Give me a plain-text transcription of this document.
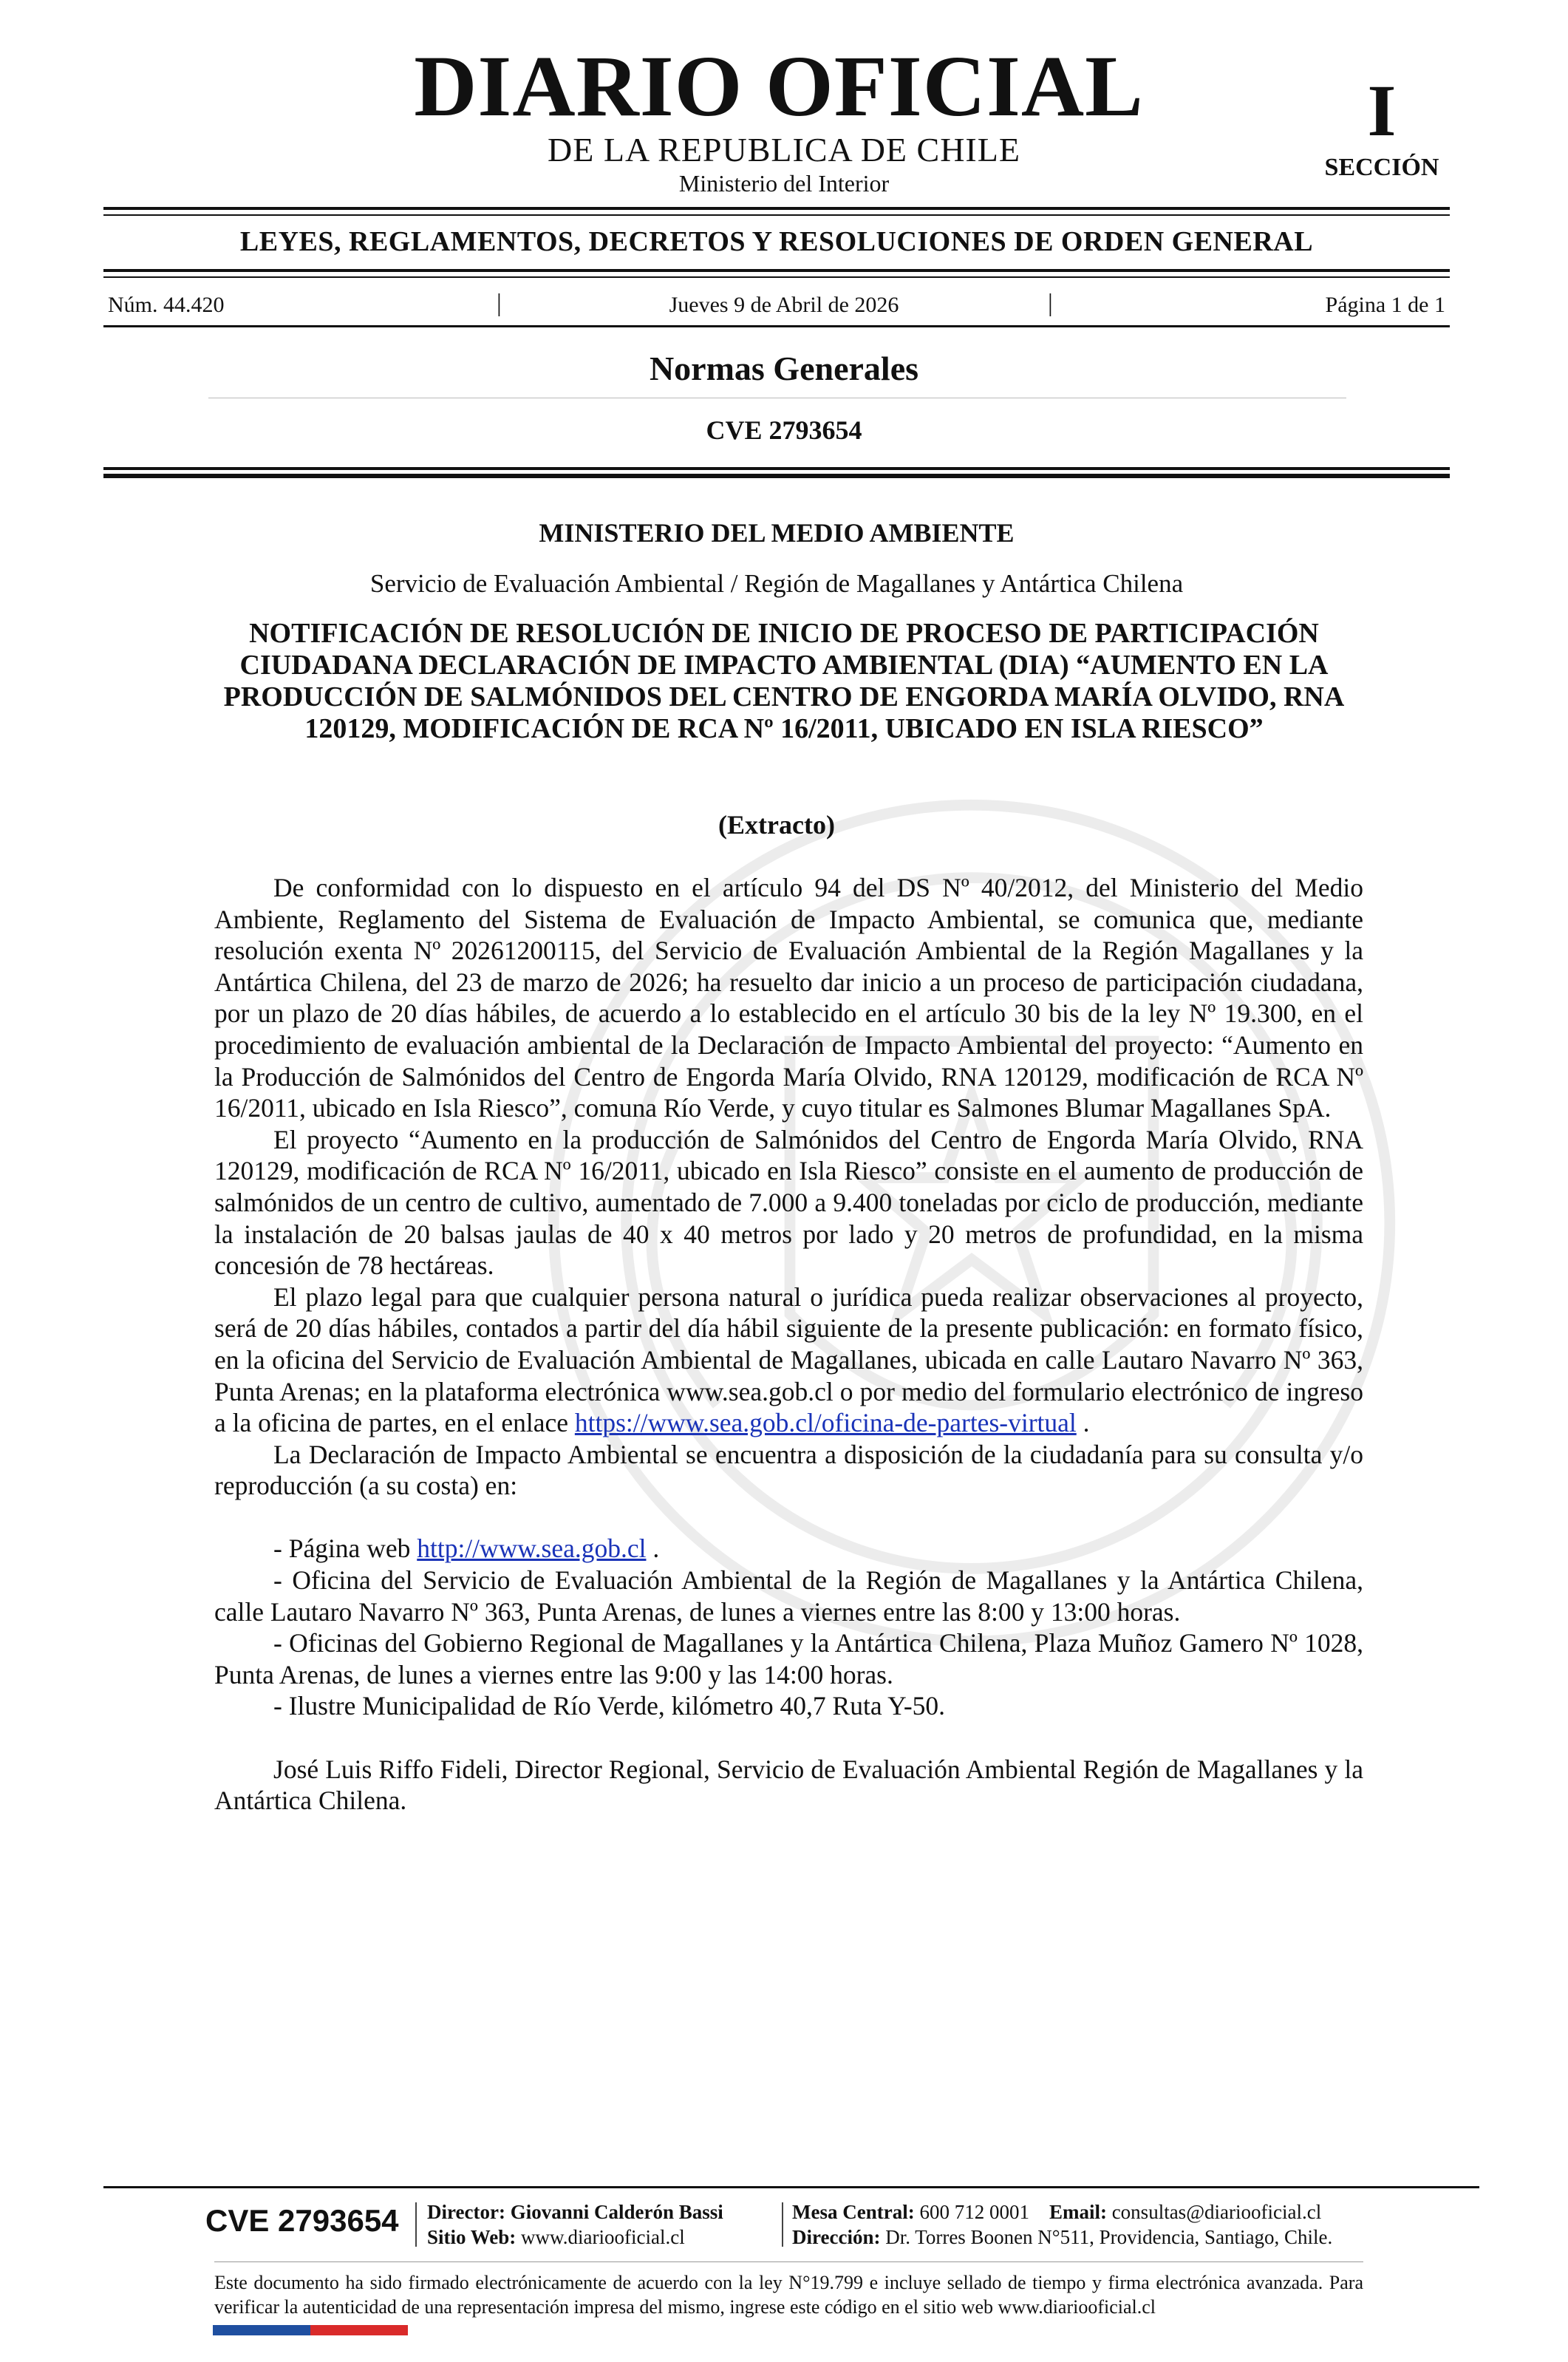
DIARIO OFICIAL
DE LA REPUBLICA DE CHILE
Ministerio del Interior
I
SECCIÓN
LEYES, REGLAMENTOS, DECRETOS Y RESOLUCIONES DE ORDEN GENERAL
Núm. 44.420	|	Jueves 9 de Abril de 2026	|	Página 1 de 1
Normas Generales
CVE 2793654
MINISTERIO DEL MEDIO AMBIENTE
Servicio de Evaluación Ambiental / Región de Magallanes y Antártica Chilena
NOTIFICACIÓN DE RESOLUCIÓN DE INICIO DE PROCESO DE PARTICIPACIÓN CIUDADANA DECLARACIÓN DE IMPACTO AMBIENTAL (DIA) “AUMENTO EN LA PRODUCCIÓN DE SALMÓNIDOS DEL CENTRO DE ENGORDA MARÍA OLVIDO, RNA 120129, MODIFICACIÓN DE RCA Nº 16/2011, UBICADO EN ISLA RIESCO”
(Extracto)

De conformidad con lo dispuesto en el artículo 94 del DS Nº 40/2012, del Ministerio del Medio Ambiente, Reglamento del Sistema de Evaluación de Impacto Ambiental, se comunica que, mediante resolución exenta Nº 20261200115, del Servicio de Evaluación Ambiental de la Región Magallanes y la Antártica Chilena, del 23 de marzo de 2026; ha resuelto dar inicio a un proceso de participación ciudadana, por un plazo de 20 días hábiles, de acuerdo a lo establecido en el artículo 30 bis de la ley Nº 19.300, en el procedimiento de evaluación ambiental de la Declaración de Impacto Ambiental del proyecto: “Aumento en la Producción de Salmónidos del Centro de Engorda María Olvido, RNA 120129, modificación de RCA Nº 16/2011, ubicado en Isla Riesco”, comuna Río Verde, y cuyo titular es Salmones Blumar Magallanes SpA.

El proyecto “Aumento en la producción de Salmónidos del Centro de Engorda María Olvido, RNA 120129, modificación de RCA Nº 16/2011, ubicado en Isla Riesco” consiste en el aumento de producción de salmónidos de un centro de cultivo, aumentado de 7.000 a 9.400 toneladas por ciclo de producción, mediante la instalación de 20 balsas jaulas de 40 x 40 metros por lado y 20 metros de profundidad, en la misma concesión de 78 hectáreas.

El plazo legal para que cualquier persona natural o jurídica pueda realizar observaciones al proyecto, será de 20 días hábiles, contados a partir del día hábil siguiente de la presente publicación: en formato físico, en la oficina del Servicio de Evaluación Ambiental de Magallanes, ubicada en calle Lautaro Navarro Nº 363, Punta Arenas; en la plataforma electrónica www.sea.gob.cl o por medio del formulario electrónico de ingreso a la oficina de partes, en el enlace https://www.sea.gob.cl/oficina-de-partes-virtual .

La Declaración de Impacto Ambiental se encuentra a disposición de la ciudadanía para su consulta y/o reproducción (a su costa) en:

- Página web http://www.sea.gob.cl .

- Oficina del Servicio de Evaluación Ambiental de la Región de Magallanes y la Antártica Chilena, calle Lautaro Navarro Nº 363, Punta Arenas, de lunes a viernes entre las 8:00 y 13:00 horas.

- Oficinas del Gobierno Regional de Magallanes y la Antártica Chilena, Plaza Muñoz Gamero Nº 1028, Punta Arenas, de lunes a viernes entre las 9:00 y las 14:00 horas.

- Ilustre Municipalidad de Río Verde, kilómetro 40,7 Ruta Y-50.

José Luis Riffo Fideli, Director Regional, Servicio de Evaluación Ambiental Región de Magallanes y la Antártica Chilena.

CVE 2793654 Director: Giovanni Calderón Bassi
Sitio Web: www.diariooficial.cl
Mesa Central: 600 712 0001 Email: consultas@diariooficial.cl
Dirección: Dr. Torres Boonen N°511, Providencia, Santiago, Chile.
Este documento ha sido firmado electrónicamente de acuerdo con la ley N°19.799 e incluye sellado de tiempo y firma electrónica avanzada. Para verificar la autenticidad de una representación impresa del mismo, ingrese este código en el sitio web www.diariooficial.cl
